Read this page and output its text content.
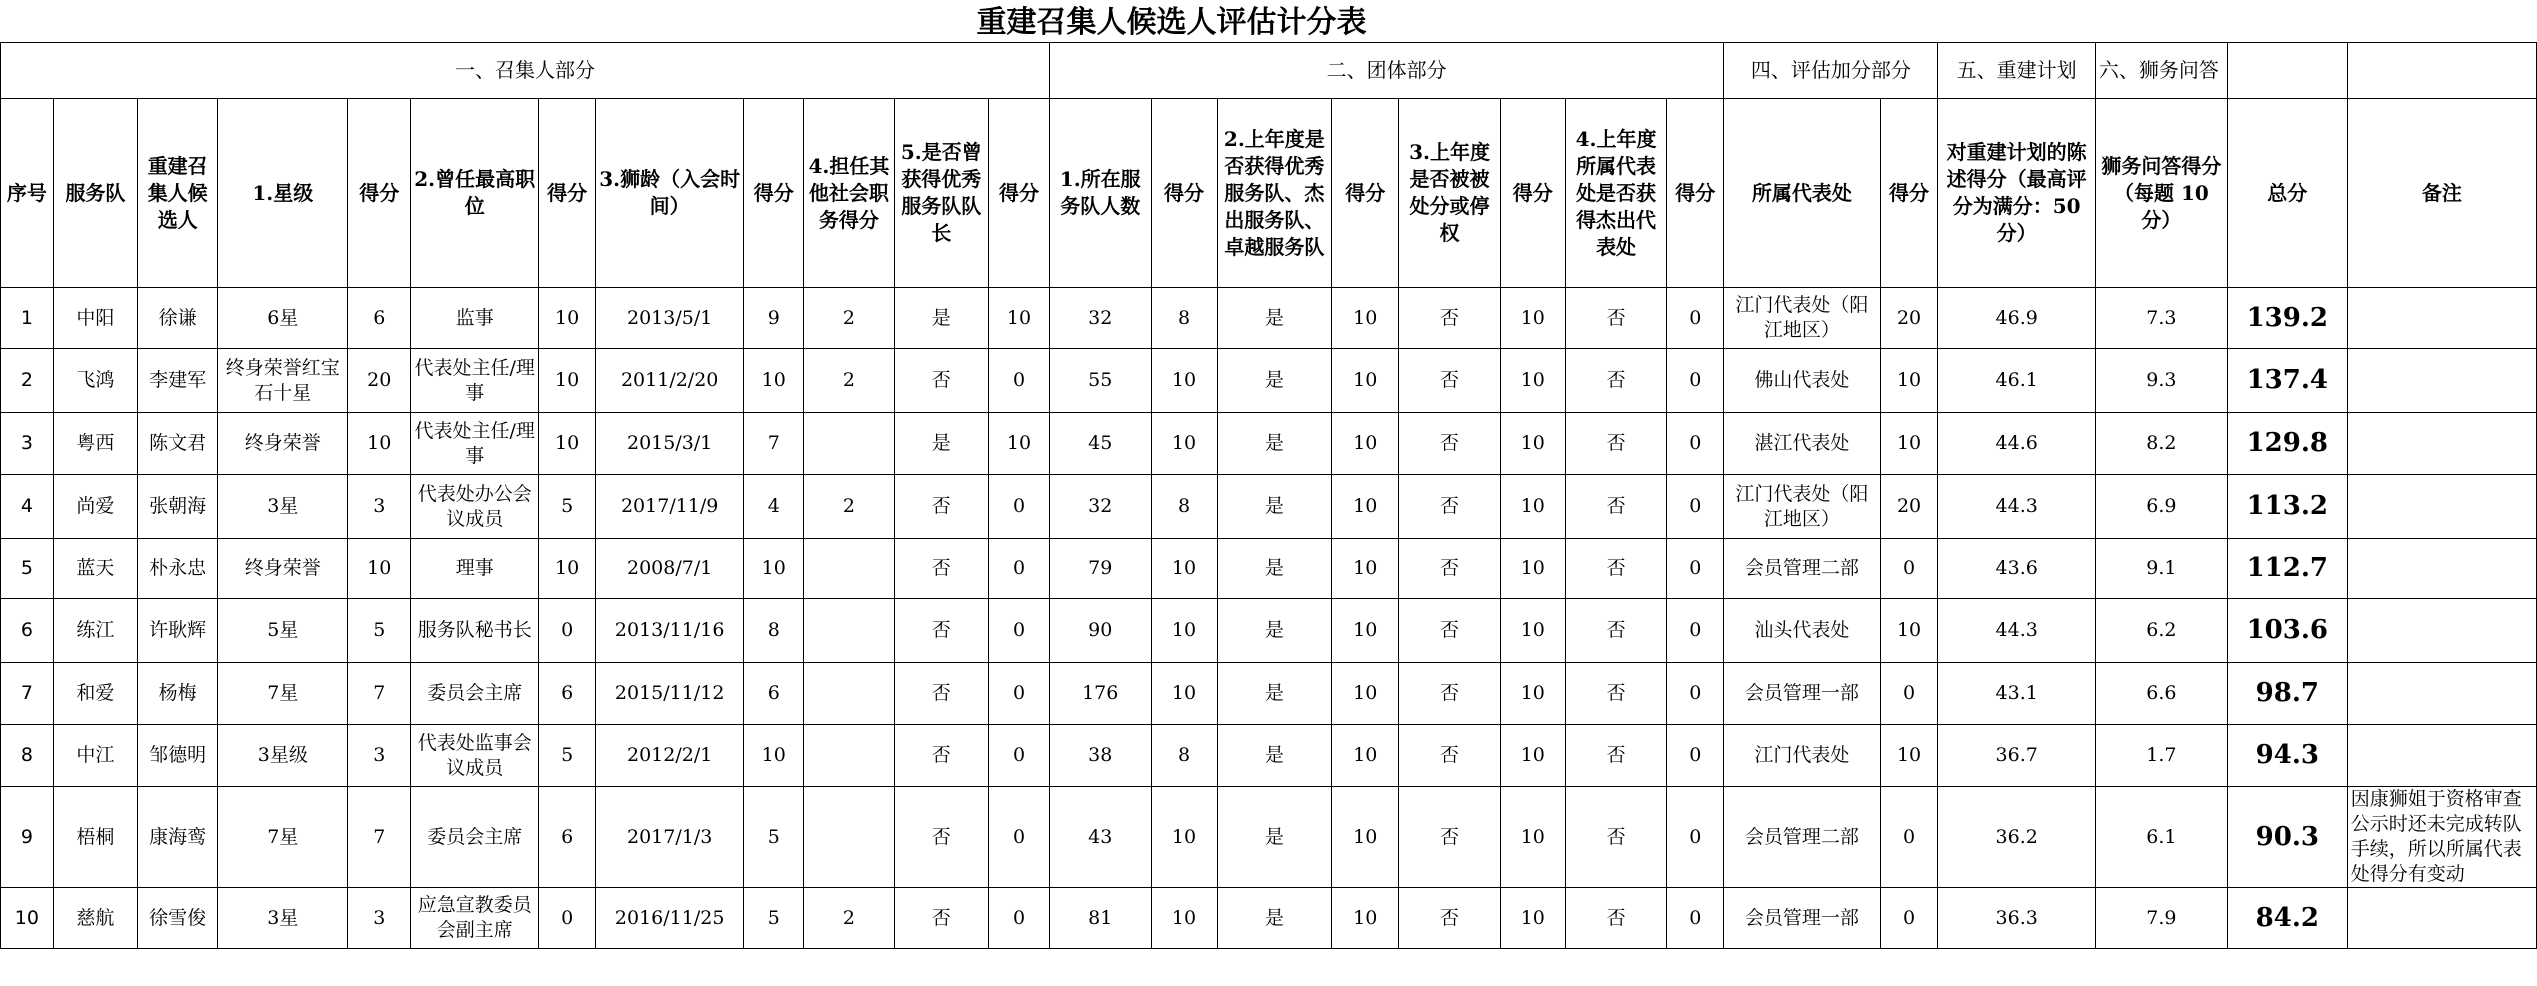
重建召集人候选人评估计分表
一、召集人部分												二、团体部分								四、评估加分部分		五、重建计划	六、狮务问答		
序号	服务队	重建召集人候选人	1.星级	得分	2.曾任最高职位	得分	3.狮龄（入会时间）	得分	4.担任其他社会职务得分	5.是否曾获得优秀服务队队长	得分	1.所在服务队人数	得分	2.上年度是否获得优秀服务队、杰出服务队、卓越服务队	得分	3.上年度是否被被处分或停权	得分	4.上年度所属代表处是否获得杰出代表处	得分	所属代表处	得分	对重建计划的陈述得分（最高评分为满分：50 分）	狮务问答得分（每题 10 分）	总分	备注
1	中阳	徐谦	6星	6	监事	10	2013/5/1	9	2	是	10	32	8	是	10	否	10	否	0	江门代表处（阳江地区）	20	46.9	7.3	139.2	
2	飞鸿	李建军	终身荣誉红宝石十星	20	代表处主任/理事	10	2011/2/20	10	2	否	0	55	10	是	10	否	10	否	0	佛山代表处	10	46.1	9.3	137.4	
3	粤西	陈文君	终身荣誉	10	代表处主任/理事	10	2015/3/1	7		是	10	45	10	是	10	否	10	否	0	湛江代表处	10	44.6	8.2	129.8	
4	尚爱	张朝海	3星	3	代表处办公会议成员	5	2017/11/9	4	2	否	0	32	8	是	10	否	10	否	0	江门代表处（阳江地区）	20	44.3	6.9	113.2	
5	蓝天	朴永忠	终身荣誉	10	理事	10	2008/7/1	10		否	0	79	10	是	10	否	10	否	0	会员管理二部	0	43.6	9.1	112.7	
6	练江	许耿辉	5星	5	服务队秘书长	0	2013/11/16	8		否	0	90	10	是	10	否	10	否	0	汕头代表处	10	44.3	6.2	103.6	
7	和爱	杨梅	7星	7	委员会主席	6	2015/11/12	6		否	0	176	10	是	10	否	10	否	0	会员管理一部	0	43.1	6.6	98.7	
8	中江	邹德明	3星级	3	代表处监事会议成员	5	2012/2/1	10		否	0	38	8	是	10	否	10	否	0	江门代表处	10	36.7	1.7	94.3	
9	梧桐	康海鸾	7星	7	委员会主席	6	2017/1/3	5		否	0	43	10	是	10	否	10	否	0	会员管理二部	0	36.2	6.1	90.3	因康狮姐于资格审查公示时还未完成转队手续，所以所属代表处得分有变动
10	慈航	徐雪俊	3星	3	应急宣教委员会副主席	0	2016/11/25	5	2	否	0	81	10	是	10	否	10	否	0	会员管理一部	0	36.3	7.9	84.2	
